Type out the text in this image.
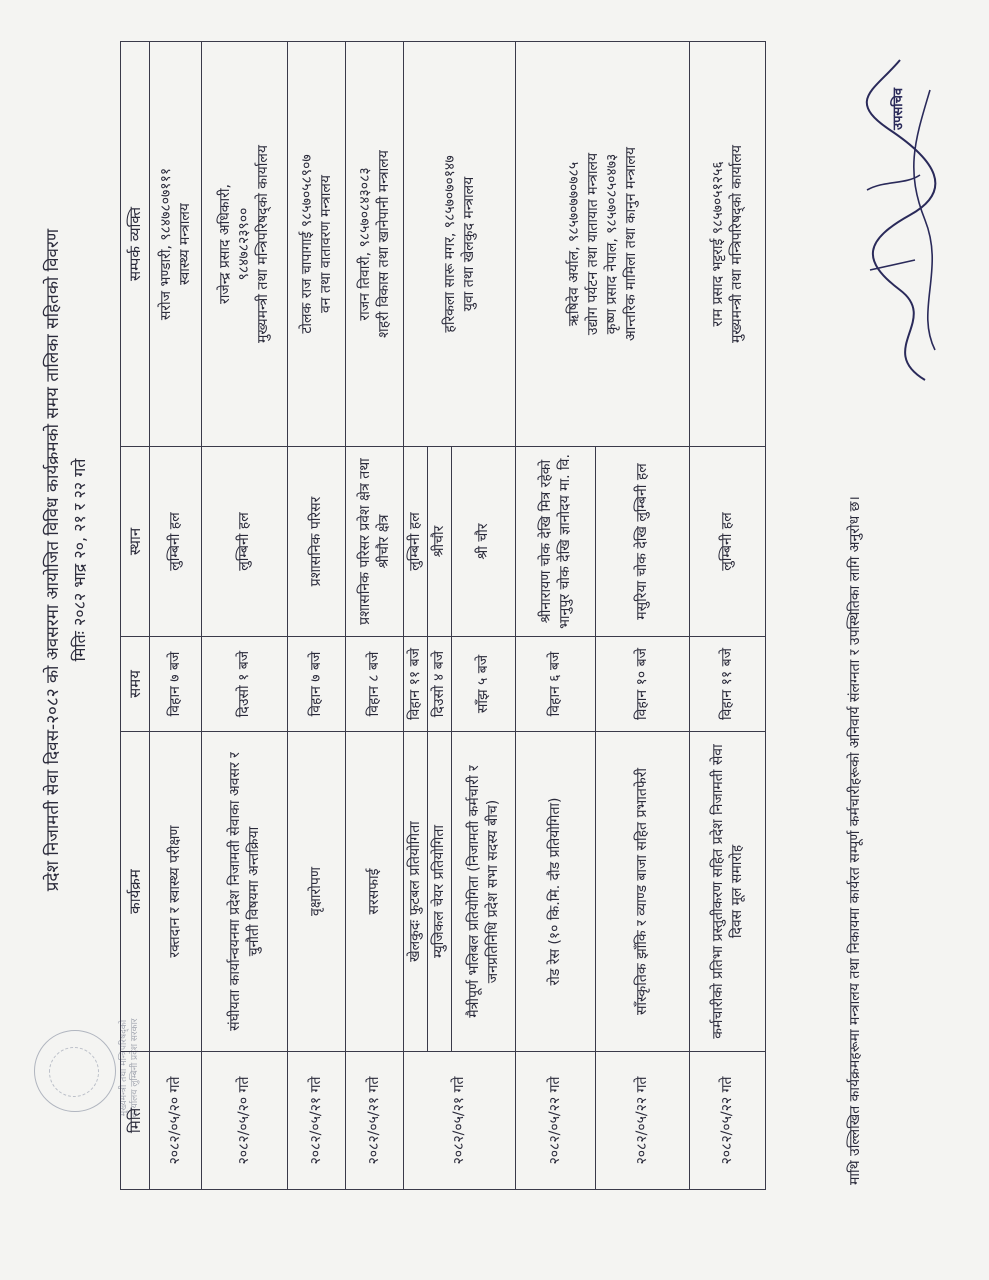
मुख्यमन्त्री तथा मन्त्रिपरिषद्को कार्यालय लुम्बिनी प्रदेश सरकार
प्रदेश निजामती सेवा दिवस-२०८२ को अवसरमा आयोजित विविध कार्यक्रमको समय तालिका सहितको विवरण मितिः २०८२ भाद्र २०, २१ र २२ गते
मिति	कार्यक्रम	समय	स्थान	सम्पर्क व्यक्ति
२०८२/०५/२० गते	रक्तदान र स्वास्थ्य परीक्षण	विहान ७ बजे	लुम्बिनी हल	सरोज भण्डारी, ९८४७८०७१११ स्वास्थ्य मन्त्रालय

२०८२/०५/२० गते	संघीयता कार्यान्वयनमा प्रदेश निजामती सेवाका अवसर र चुनौती विषयमा अन्तक्रिया	दिउसो १ बजे	लुम्बिनी हल	राजेन्द्र प्रसाद अधिकारी, ९८४७८२३९०० मुख्यमन्त्री तथा मन्त्रिपरिषद्को कार्यालय

२०८२/०५/२१ गते	वृक्षारोपण	विहान ७ बजे	प्रशासनिक परिसर	टोलक राज चापागाई ९८५७०५८९०७ वन तथा वातावरण मन्त्रालय

२०८२/०५/२१ गते	सरसफाई	विहान ८ बजे	प्रशासनिक परिसर प्रवेश क्षेत्र तथा श्रीचौर क्षेत्र	राजन तिवारी, ९८५७०८४३०८३ शहरी विकास तथा खानेपानी मन्त्रालय

२०८२/०५/२१ गते	खेलकुदः फुटबल प्रतियोगिता	विहान ११ बजे	लुम्बिनी हल	हरिकला सारू मगर, ९८५७०७०१४७ युवा तथा खेलकुद मन्त्रालय

	म्युजिकल चेयर प्रतियोगिता	दिउसो ४ बजे	श्रीचौर	
	मैत्रीपूर्ण भलिबल प्रतियोगिता (निजामती कर्मचारी र जनप्रतिनिधि प्रदेश सभा सदस्य बीच)	साँझ ५ बजे	श्री चौर	
२०८२/०५/२२ गते	रोड रेस (१० कि.मि. दौड प्रतियोगिता)	विहान ६ बजे	श्रीनारायण चोक देखि मित्र रहेको भानुपुर चोक देखि ज्ञानोदय मा. वि.	ऋषिदेव अर्याल, ९८५७०७७०७८५ उद्योग पर्यटन तथा यातायात मन्त्रालय कृष्ण प्रसाद नेपाल, ९८५७०८५०४७३ आन्तरिक मामिला तथा कानुन मन्त्रालय

२०८२/०५/२२ गते	साँस्कृतिक झाँकि र व्याण्ड बाजा सहित प्रभातफेरी	विहान १० बजे	मसुरिया चोक देखि लुम्बिनी हल	
२०८२/०५/२२ गते	कर्मचारीको प्रतिभा प्रस्तुतीकरण सहित प्रदेश निजामती सेवा दिवस मूल समारोह	विहान ११ बजे	लुम्बिनी हल	राम प्रसाद भट्टराई ९८५७०५१२५६ मुख्यमन्त्री तथा मन्त्रिपरिषद्को कार्यालय
माथि उल्लिखित कार्यक्रमहरूमा मन्त्रालय तथा निकायमा कार्यरत सम्पूर्ण कर्मचारीहरूको अनिवार्य संलग्नता र उपस्थितिका लागि अनुरोध छ।
उपसचिव
